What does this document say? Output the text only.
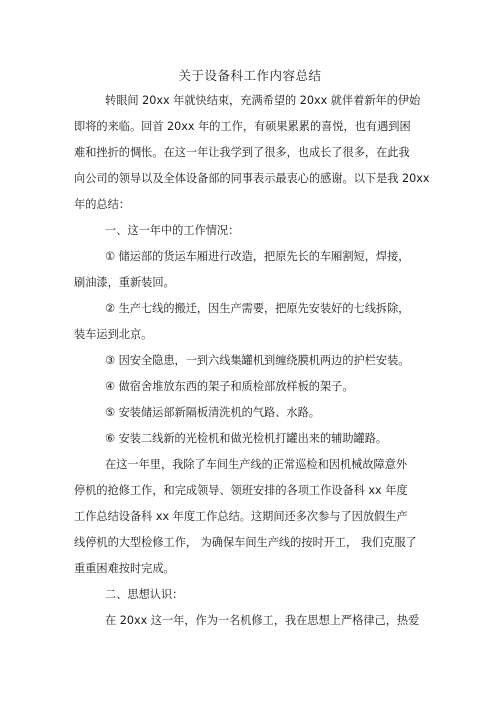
关于设备科工作内容总结
转眼间 20xx 年就快结束，充满希望的 20xx 就伴着新年的伊始
即将的来临。回首 20xx 年的工作，有硕果累累的喜悦，也有遇到困
难和挫折的惆怅。在这一年让我学到了很多，也成长了很多，在此我
向公司的领导以及全体设备部的同事表示最衷心的感谢。以下是我 20xx
年的总结：
一、这一年中的工作情况：
① 储运部的货运车厢进行改造，把原先长的车厢割短，焊接，
刷油漆，重新装回。
② 生产七线的搬迁，因生产需要，把原先安装好的七线拆除，
装车运到北京。
③ 因安全隐患，一到六线集罐机到缠绕膜机两边的护栏安装。
④ 做宿舍堆放东西的架子和质检部放样板的架子。
⑤ 安装储运部新隔板清洗机的气路、水路。
⑥ 安装二线新的光检机和做光检机打罐出来的辅助罐路。
在这一年里，我除了车间生产线的正常巡检和因机械故障意外
停机的抢修工作，和完成领导、领班安排的各项工作设备科 xx 年度
工作总结设备科 xx 年度工作总结。这期间还多次参与了因放假生产
线停机的大型检修工作， 为确保车间生产线的按时开工， 我们克服了
重重困难按时完成。
二、思想认识：
在 20xx 这一年，作为一名机修工，我在思想上严格律己，热爱
